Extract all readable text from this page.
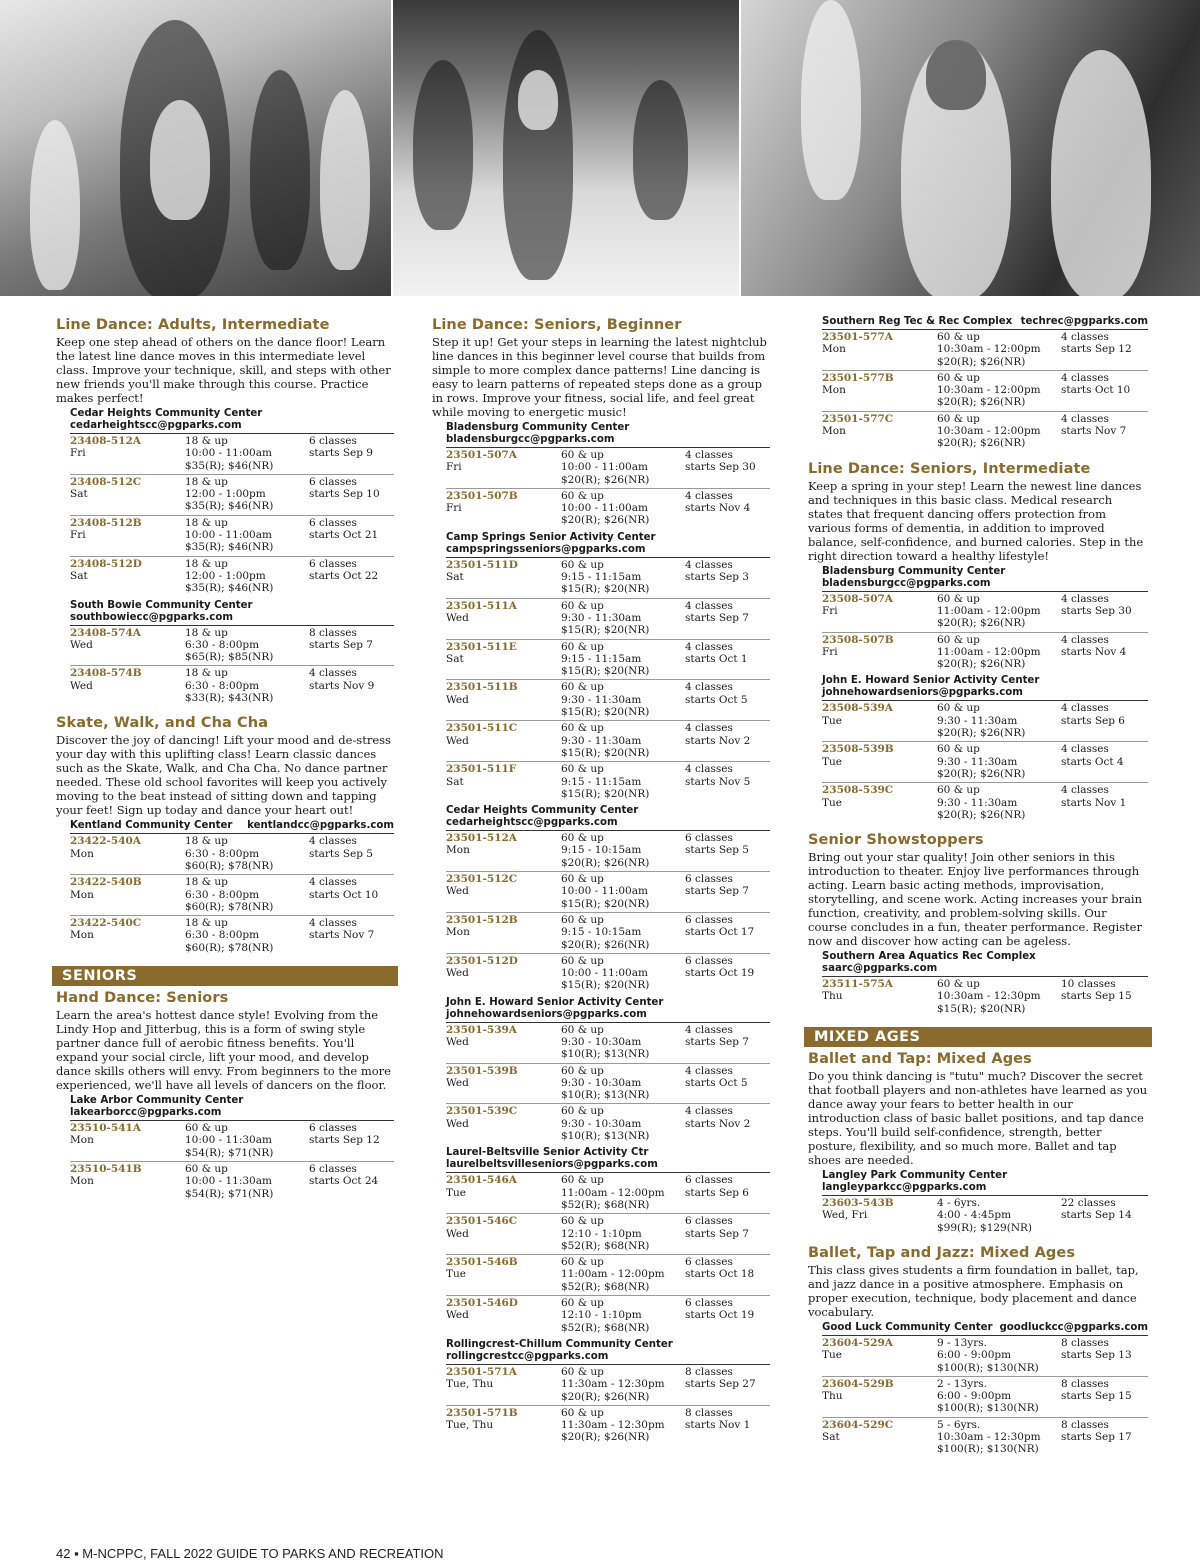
Line Dance: Adults, Intermediate

Keep one step ahead of others on the dance floor! Learn the latest line dance moves in this intermediate level class. Improve your technique, skill, and steps with other new friends you'll make through this course. Practice makes perfect!

Cedar Heights Community Center
cedarheightscc@pgparks.com
23408-512A
Fri
18 & up
10:00 - 11:00am
$35(R); $46(NR)
6 classes
starts Sep 9
23408-512C
Sat
18 & up
12:00 - 1:00pm
$35(R); $46(NR)
6 classes
starts Sep 10
23408-512B
Fri
18 & up
10:00 - 11:00am
$35(R); $46(NR)
6 classes
starts Oct 21
23408-512D
Sat
18 & up
12:00 - 1:00pm
$35(R); $46(NR)
6 classes
starts Oct 22
South Bowie Community Center
southbowiecc@pgparks.com
23408-574A
Wed
18 & up
6:30 - 8:00pm
$65(R); $85(NR)
8 classes
starts Sep 7
23408-574B
Wed
18 & up
6:30 - 8:00pm
$33(R); $43(NR)
4 classes
starts Nov 9
Skate, Walk, and Cha Cha

Discover the joy of dancing! Lift your mood and de-stress your day with this uplifting class! Learn classic dances such as the Skate, Walk, and Cha Cha. No dance partner needed. These old school favorites will keep you actively moving to the beat instead of sitting down and tapping your feet! Sign up today and dance your heart out!

Kentland Community Center kentlandcc@pgparks.com
23422-540A
Mon
18 & up
6:30 - 8:00pm
$60(R); $78(NR)
4 classes
starts Sep 5
23422-540B
Mon
18 & up
6:30 - 8:00pm
$60(R); $78(NR)
4 classes
starts Oct 10
23422-540C
Mon
18 & up
6:30 - 8:00pm
$60(R); $78(NR)
4 classes
starts Nov 7
SENIORS
Hand Dance: Seniors

Learn the area's hottest dance style! Evolving from the Lindy Hop and Jitterbug, this is a form of swing style partner dance full of aerobic fitness benefits. You'll expand your social circle, lift your mood, and develop dance skills others will envy. From beginners to the more experienced, we'll have all levels of dancers on the floor.

Lake Arbor Community Center
lakearborcc@pgparks.com
23510-541A
Mon
60 & up
10:00 - 11:30am
$54(R); $71(NR)
6 classes
starts Sep 12
23510-541B
Mon
60 & up
10:00 - 11:30am
$54(R); $71(NR)
6 classes
starts Oct 24
Line Dance: Seniors, Beginner

Step it up! Get your steps in learning the latest nightclub line dances in this beginner level course that builds from simple to more complex dance patterns! Line dancing is easy to learn patterns of repeated steps done as a group in rows. Improve your fitness, social life, and feel great while moving to energetic music!

Bladensburg Community Center
bladensburgcc@pgparks.com
23501-507A
Fri
60 & up
10:00 - 11:00am
$20(R); $26(NR)
4 classes
starts Sep 30
23501-507B
Fri
60 & up
10:00 - 11:00am
$20(R); $26(NR)
4 classes
starts Nov 4
Camp Springs Senior Activity Center
campspringsseniors@pgparks.com
23501-511D
Sat
60 & up
9:15 - 11:15am
$15(R); $20(NR)
4 classes
starts Sep 3
23501-511A
Wed
60 & up
9:30 - 11:30am
$15(R); $20(NR)
4 classes
starts Sep 7
23501-511E
Sat
60 & up
9:15 - 11:15am
$15(R); $20(NR)
4 classes
starts Oct 1
23501-511B
Wed
60 & up
9:30 - 11:30am
$15(R); $20(NR)
4 classes
starts Oct 5
23501-511C
Wed
60 & up
9:30 - 11:30am
$15(R); $20(NR)
4 classes
starts Nov 2
23501-511F
Sat
60 & up
9:15 - 11:15am
$15(R); $20(NR)
4 classes
starts Nov 5
Cedar Heights Community Center
cedarheightscc@pgparks.com
23501-512A
Mon
60 & up
9:15 - 10:15am
$20(R); $26(NR)
6 classes
starts Sep 5
23501-512C
Wed
60 & up
10:00 - 11:00am
$15(R); $20(NR)
6 classes
starts Sep 7
23501-512B
Mon
60 & up
9:15 - 10:15am
$20(R); $26(NR)
6 classes
starts Oct 17
23501-512D
Wed
60 & up
10:00 - 11:00am
$15(R); $20(NR)
6 classes
starts Oct 19
John E. Howard Senior Activity Center
johnehowardseniors@pgparks.com
23501-539A
Wed
60 & up
9:30 - 10:30am
$10(R); $13(NR)
4 classes
starts Sep 7
23501-539B
Wed
60 & up
9:30 - 10:30am
$10(R); $13(NR)
4 classes
starts Oct 5
23501-539C
Wed
60 & up
9:30 - 10:30am
$10(R); $13(NR)
4 classes
starts Nov 2
Laurel-Beltsville Senior Activity Ctr
laurelbeltsvilleseniors@pgparks.com
23501-546A
Tue
60 & up
11:00am - 12:00pm
$52(R); $68(NR)
6 classes
starts Sep 6
23501-546C
Wed
60 & up
12:10 - 1:10pm
$52(R); $68(NR)
6 classes
starts Sep 7
23501-546B
Tue
60 & up
11:00am - 12:00pm
$52(R); $68(NR)
6 classes
starts Oct 18
23501-546D
Wed
60 & up
12:10 - 1:10pm
$52(R); $68(NR)
6 classes
starts Oct 19
Rollingcrest-Chillum Community Center
rollingcrestcc@pgparks.com
23501-571A
Tue, Thu
60 & up
11:30am - 12:30pm
$20(R); $26(NR)
8 classes
starts Sep 27
23501-571B
Tue, Thu
60 & up
11:30am - 12:30pm
$20(R); $26(NR)
8 classes
starts Nov 1
Southern Reg Tec & Rec Complex techrec@pgparks.com
23501-577A
Mon
60 & up
10:30am - 12:00pm
$20(R); $26(NR)
4 classes
starts Sep 12
23501-577B
Mon
60 & up
10:30am - 12:00pm
$20(R); $26(NR)
4 classes
starts Oct 10
23501-577C
Mon
60 & up
10:30am - 12:00pm
$20(R); $26(NR)
4 classes
starts Nov 7
Line Dance: Seniors, Intermediate

Keep a spring in your step! Learn the newest line dances and techniques in this basic class. Medical research states that frequent dancing offers protection from various forms of dementia, in addition to improved balance, self-confidence, and burned calories. Step in the right direction toward a healthy lifestyle!

Bladensburg Community Center
bladensburgcc@pgparks.com
23508-507A
Fri
60 & up
11:00am - 12:00pm
$20(R); $26(NR)
4 classes
starts Sep 30
23508-507B
Fri
60 & up
11:00am - 12:00pm
$20(R); $26(NR)
4 classes
starts Nov 4
John E. Howard Senior Activity Center
johnehowardseniors@pgparks.com
23508-539A
Tue
60 & up
9:30 - 11:30am
$20(R); $26(NR)
4 classes
starts Sep 6
23508-539B
Tue
60 & up
9:30 - 11:30am
$20(R); $26(NR)
4 classes
starts Oct 4
23508-539C
Tue
60 & up
9:30 - 11:30am
$20(R); $26(NR)
4 classes
starts Nov 1
Senior Showstoppers

Bring out your star quality! Join other seniors in this introduction to theater. Enjoy live performances through acting. Learn basic acting methods, improvisation, storytelling, and scene work. Acting increases your brain function, creativity, and problem-solving skills. Our course concludes in a fun, theater performance. Register now and discover how acting can be ageless.

Southern Area Aquatics Rec Complex
saarc@pgparks.com
23511-575A
Thu
60 & up
10:30am - 12:30pm
$15(R); $20(NR)
10 classes
starts Sep 15
MIXED AGES
Ballet and Tap: Mixed Ages

Do you think dancing is "tutu" much? Discover the secret that football players and non-athletes have learned as you dance away your fears to better health in our introduction class of basic ballet positions, and tap dance steps. You'll build self-confidence, strength, better posture, flexibility, and so much more. Ballet and tap shoes are needed.

Langley Park Community Center
langleyparkcc@pgparks.com
23603-543B
Wed, Fri
4 - 6yrs.
4:00 - 4:45pm
$99(R); $129(NR)
22 classes
starts Sep 14
Ballet, Tap and Jazz: Mixed Ages

This class gives students a firm foundation in ballet, tap, and jazz dance in a positive atmosphere. Emphasis on proper execution, technique, body placement and dance vocabulary.

Good Luck Community Center goodluckcc@pgparks.com
23604-529A
Tue
9 - 13yrs.
6:00 - 9:00pm
$100(R); $130(NR)
8 classes
starts Sep 13
23604-529B
Thu
2 - 13yrs.
6:00 - 9:00pm
$100(R); $130(NR)
8 classes
starts Sep 15
23604-529C
Sat
5 - 6yrs.
10:30am - 12:30pm
$100(R); $130(NR)
8 classes
starts Sep 17
42 ▪ M-NCPPC, FALL 2022 GUIDE TO PARKS AND RECREATION
